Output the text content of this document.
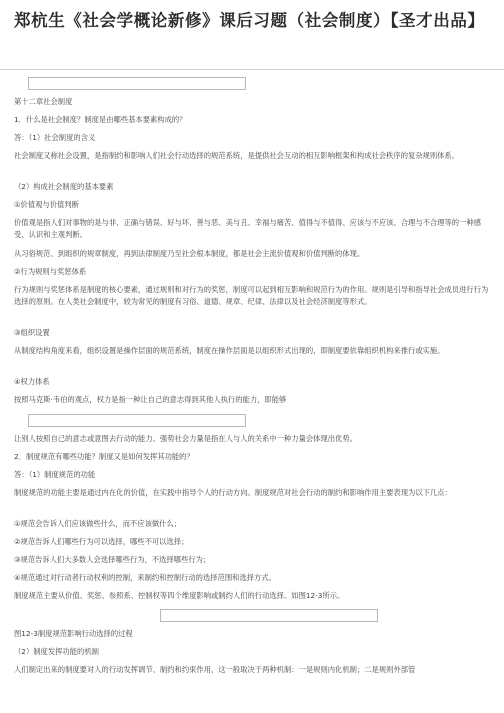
郑杭生《社会学概论新修》课后习题（社会制度）【圣才出品】
第十二章社会制度
1．什么是社会制度？制度是由哪些基本要素构成的？
答：（1）社会制度的含义
社会制度又称社会设置，是指制约和影响人们社会行动选择的规范系统，是提供社会互动的相互影响框架和构成社会秩序的复杂规则体系。
（2）构成社会制度的基本要素
①价值观与价值判断
价值观是指人们对事物的是与非、正确与错误、好与坏、善与恶、美与丑、幸福与痛苦、值得与不值得、应该与不应该、合理与不合理等的一种感受、认识和主观判断。
从习俗规范、到组织的规章制度，再到法律制度乃至社会根本制度，都是社会主流价值观和价值判断的体现。
②行为规则与奖惩体系
行为规则与奖惩体系是制度的核心要素，通过规则和对行为的奖惩，制度可以起到相互影响和规范行为的作用。规则是引导和指导社会成员进行行为选择的原则。在人类社会制度中，较为常见的制度有习俗、道德、规章、纪律、法律以及社会经济制度等形式。
③组织设置
从制度结构角度来看，组织设置是操作层面的规范系统，制度在操作层面是以组织形式出现的，即制度要依靠组织机构来推行或实施。
④权力体系
按照马克斯·韦伯的观点，权力是指一种让自己的意志得到其他人执行的能力，即能够
让别人按照自己的意志或意图去行动的能力。强势社会力量是指在人与人的关系中一种力量会体现出优势。
2．制度规范有哪些功能？制度又是如何发挥其功能的？
答：（1）制度规范的功能
制度规范的功能主要是通过内在化的价值，在实践中指导个人的行动方向。制度规范对社会行动的制约和影响作用主要表现为以下几点：
①规范会告诉人们应该做些什么，而不应该做什么；
②规范告诉人们哪些行为可以选择，哪些不可以选择；
③规范告诉人们大多数人会选择哪些行为，不选择哪些行为；
④规范通过对行动者行动权利的控制，来制约和控制行动的选择范围和选择方式。
制度规范主要从价值、奖惩、参照系、控制权等四个维度影响或制约人们的行动选择。如图12-3所示。
图12-3制度规范影响行动选择的过程
（2）制度发挥功能的机制
人们制定出来的制度要对人的行动发挥调节、制约和约束作用，这一般取决于两种机制：一是规则内化机制；二是规则外部管
